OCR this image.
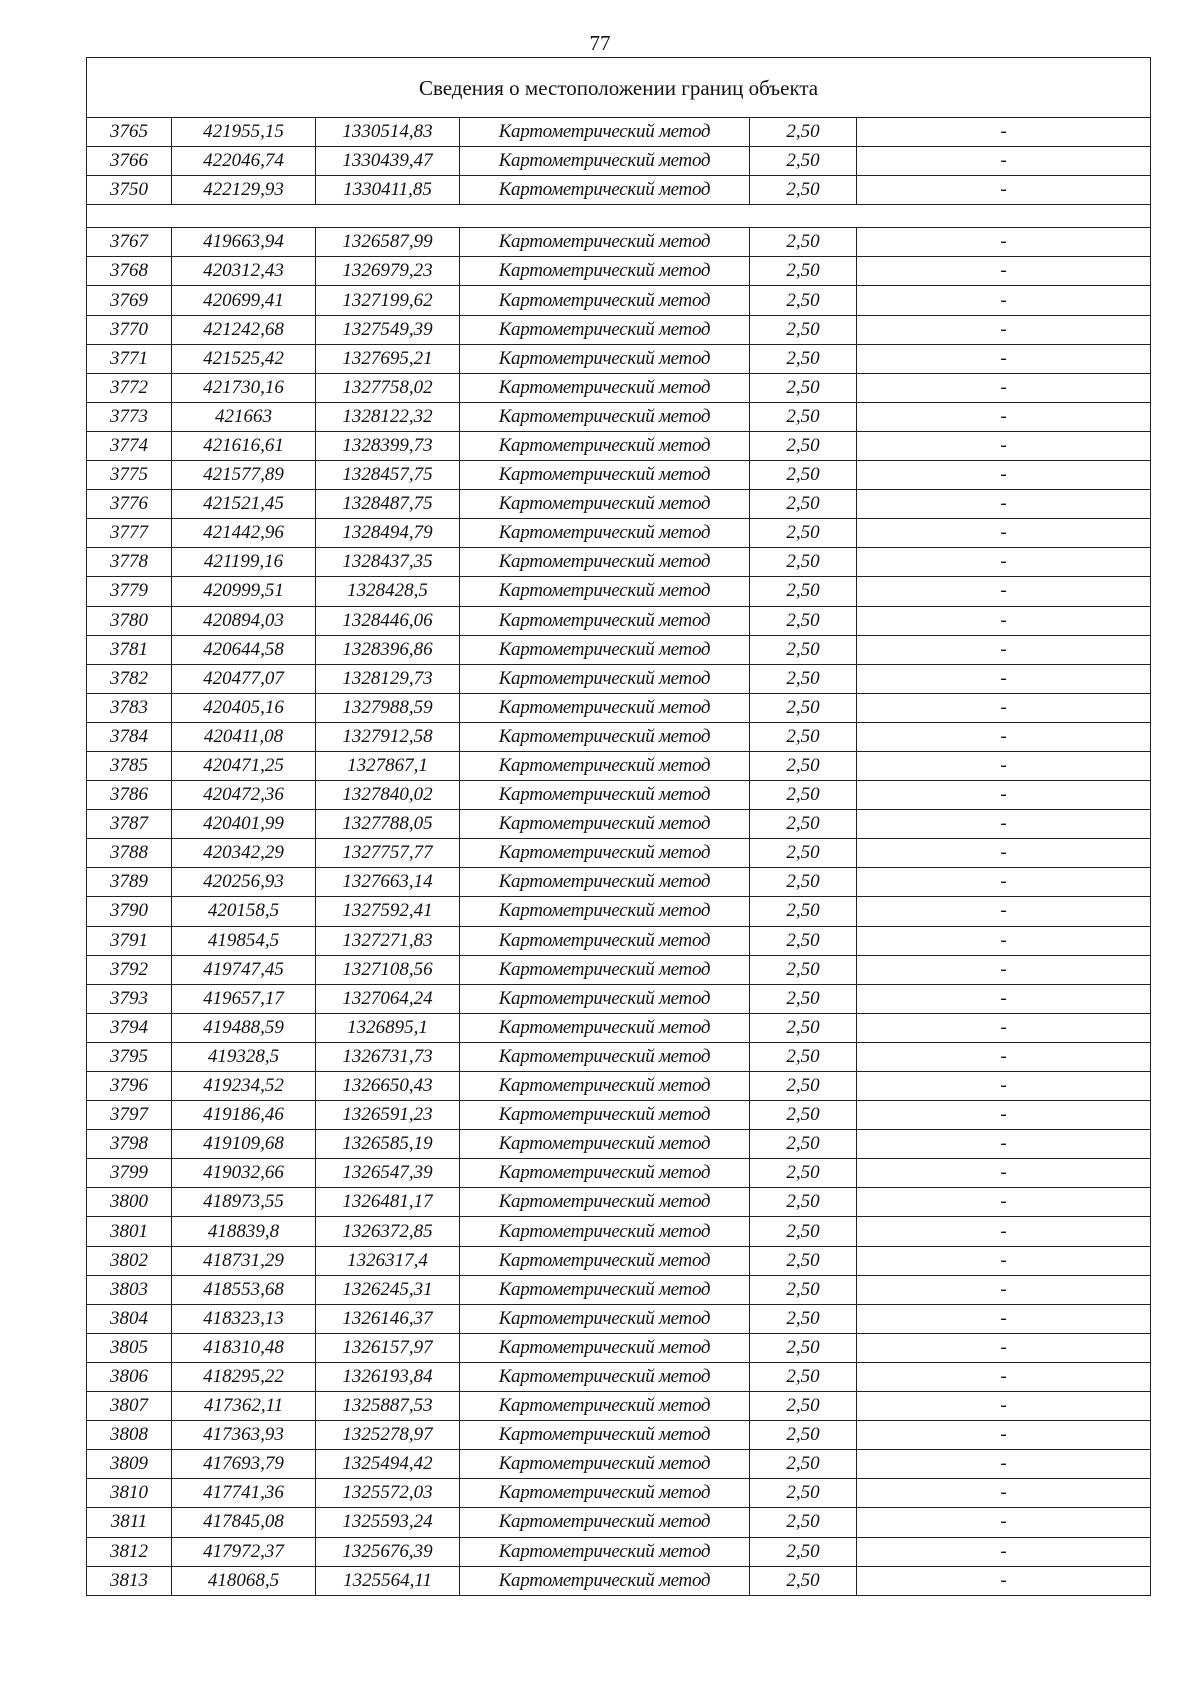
77
Сведения о местоположении границ объекта					
3765	421955,15	1330514,83	Картометрический метод	2,50	-
3766	422046,74	1330439,47	Картометрический метод	2,50	-
3750	422129,93	1330411,85	Картометрический метод	2,50	-

3767	419663,94	1326587,99	Картометрический метод	2,50	-
3768	420312,43	1326979,23	Картометрический метод	2,50	-
3769	420699,41	1327199,62	Картометрический метод	2,50	-
3770	421242,68	1327549,39	Картометрический метод	2,50	-
3771	421525,42	1327695,21	Картометрический метод	2,50	-
3772	421730,16	1327758,02	Картометрический метод	2,50	-
3773	421663	1328122,32	Картометрический метод	2,50	-
3774	421616,61	1328399,73	Картометрический метод	2,50	-
3775	421577,89	1328457,75	Картометрический метод	2,50	-
3776	421521,45	1328487,75	Картометрический метод	2,50	-
3777	421442,96	1328494,79	Картометрический метод	2,50	-
3778	421199,16	1328437,35	Картометрический метод	2,50	-
3779	420999,51	1328428,5	Картометрический метод	2,50	-
3780	420894,03	1328446,06	Картометрический метод	2,50	-
3781	420644,58	1328396,86	Картометрический метод	2,50	-
3782	420477,07	1328129,73	Картометрический метод	2,50	-
3783	420405,16	1327988,59	Картометрический метод	2,50	-
3784	420411,08	1327912,58	Картометрический метод	2,50	-
3785	420471,25	1327867,1	Картометрический метод	2,50	-
3786	420472,36	1327840,02	Картометрический метод	2,50	-
3787	420401,99	1327788,05	Картометрический метод	2,50	-
3788	420342,29	1327757,77	Картометрический метод	2,50	-
3789	420256,93	1327663,14	Картометрический метод	2,50	-
3790	420158,5	1327592,41	Картометрический метод	2,50	-
3791	419854,5	1327271,83	Картометрический метод	2,50	-
3792	419747,45	1327108,56	Картометрический метод	2,50	-
3793	419657,17	1327064,24	Картометрический метод	2,50	-
3794	419488,59	1326895,1	Картометрический метод	2,50	-
3795	419328,5	1326731,73	Картометрический метод	2,50	-
3796	419234,52	1326650,43	Картометрический метод	2,50	-
3797	419186,46	1326591,23	Картометрический метод	2,50	-
3798	419109,68	1326585,19	Картометрический метод	2,50	-
3799	419032,66	1326547,39	Картометрический метод	2,50	-
3800	418973,55	1326481,17	Картометрический метод	2,50	-
3801	418839,8	1326372,85	Картометрический метод	2,50	-
3802	418731,29	1326317,4	Картометрический метод	2,50	-
3803	418553,68	1326245,31	Картометрический метод	2,50	-
3804	418323,13	1326146,37	Картометрический метод	2,50	-
3805	418310,48	1326157,97	Картометрический метод	2,50	-
3806	418295,22	1326193,84	Картометрический метод	2,50	-
3807	417362,11	1325887,53	Картометрический метод	2,50	-
3808	417363,93	1325278,97	Картометрический метод	2,50	-
3809	417693,79	1325494,42	Картометрический метод	2,50	-
3810	417741,36	1325572,03	Картометрический метод	2,50	-
3811	417845,08	1325593,24	Картометрический метод	2,50	-
3812	417972,37	1325676,39	Картометрический метод	2,50	-
3813	418068,5	1325564,11	Картометрический метод	2,50	-
